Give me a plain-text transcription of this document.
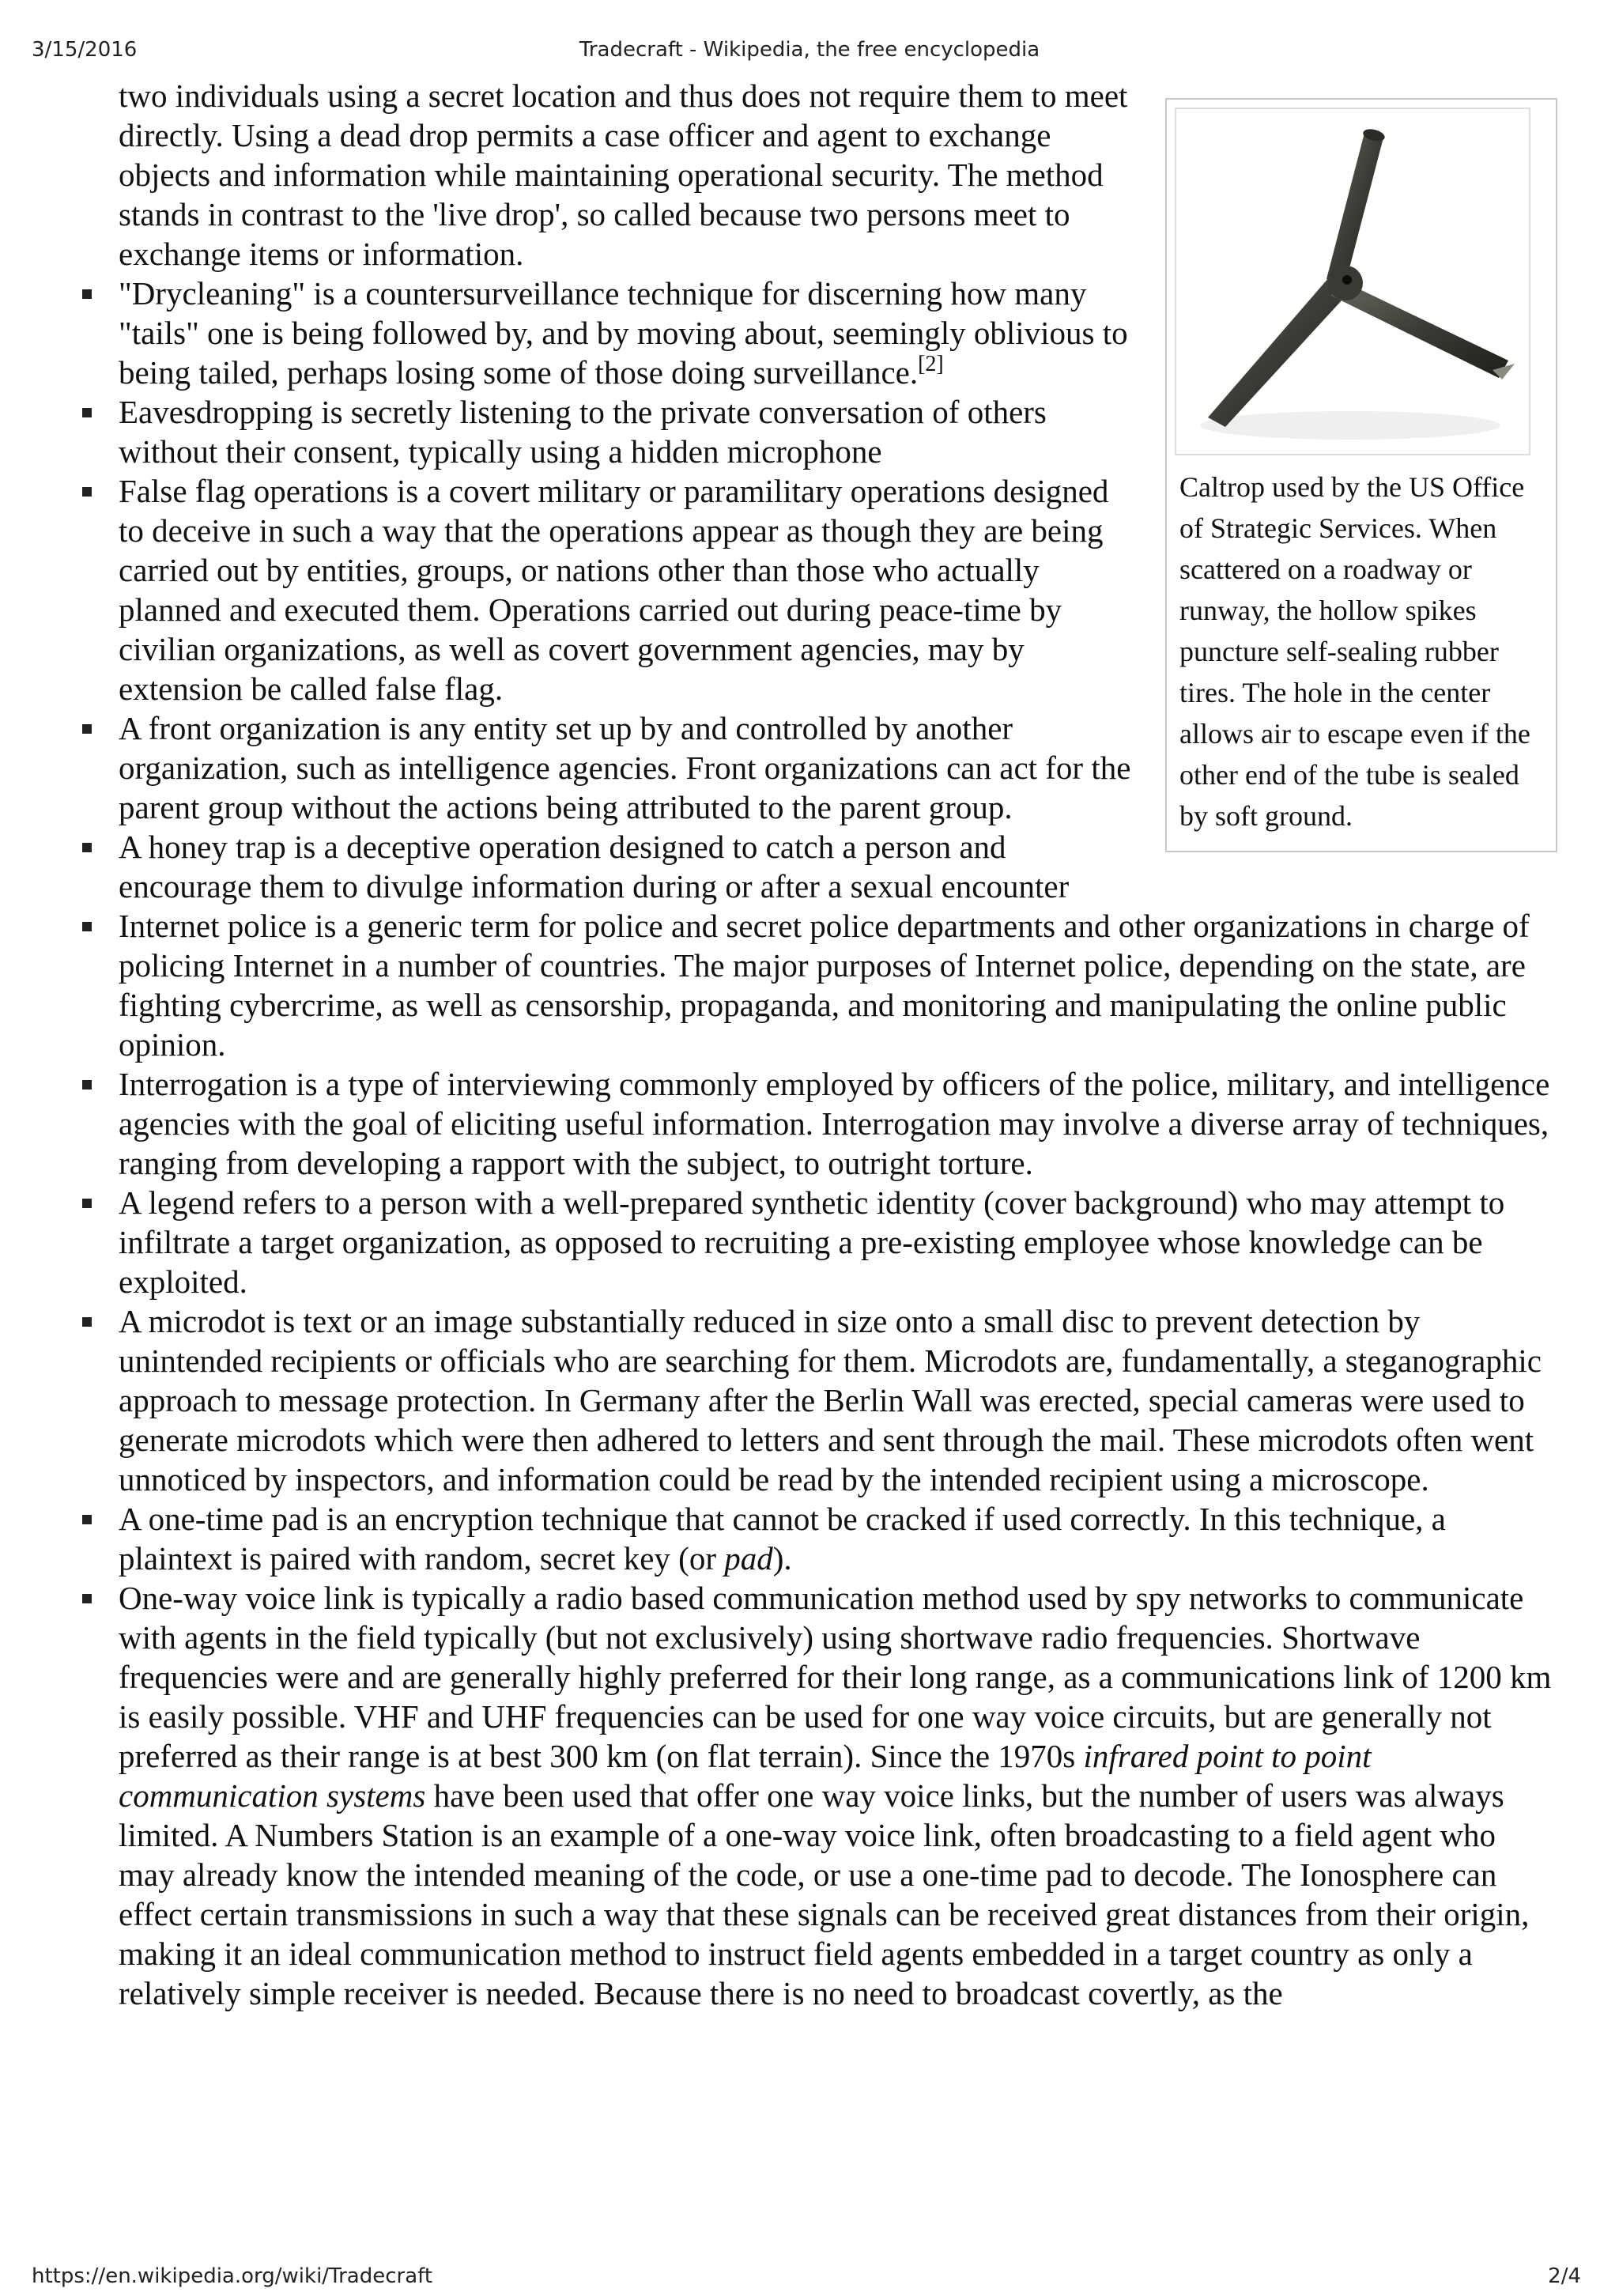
3/15/2016	Tradecraft - Wikipedia, the free encyclopedia
Caltrop used by the US Office of Strategic Services. When scattered on a roadway or runway, the hollow spikes puncture self-sealing rubber tires. The hole in the center allows air to escape even if the other end of the tube is sealed by soft ground.

two individuals using a secret location and thus does not require them to meet directly. Using a dead drop permits a case officer and agent to exchange objects and information while maintaining operational security. The method stands in contrast to the 'live drop', so called because two persons meet to exchange items or information.

"Drycleaning" is a countersurveillance technique for discerning how many "tails" one is being followed by, and by moving about, seemingly oblivious to being tailed, perhaps losing some of those doing surveillance.[2]
Eavesdropping is secretly listening to the private conversation of others without their consent, typically using a hidden microphone
False flag operations is a covert military or paramilitary operations designed to deceive in such a way that the operations appear as though they are being carried out by entities, groups, or nations other than those who actually planned and executed them. Operations carried out during peace-time by civilian organizations, as well as covert government agencies, may by extension be called false flag.
A front organization is any entity set up by and controlled by another organization, such as intelligence agencies. Front organizations can act for the parent group without the actions being attributed to the parent group.
A honey trap is a deceptive operation designed to catch a person and encourage them to divulge information during or after a sexual encounter
Internet police is a generic term for police and secret police departments and other organizations in charge of policing Internet in a number of countries. The major purposes of Internet police, depending on the state, are fighting cybercrime, as well as censorship, propaganda, and monitoring and manipulating the online public opinion.
Interrogation is a type of interviewing commonly employed by officers of the police, military, and intelligence agencies with the goal of eliciting useful information. Interrogation may involve a diverse array of techniques, ranging from developing a rapport with the subject, to outright torture.
A legend refers to a person with a well-prepared synthetic identity (cover background) who may attempt to infiltrate a target organization, as opposed to recruiting a pre-existing employee whose knowledge can be exploited.
A microdot is text or an image substantially reduced in size onto a small disc to prevent detection by unintended recipients or officials who are searching for them. Microdots are, fundamentally, a steganographic approach to message protection. In Germany after the Berlin Wall was erected, special cameras were used to generate microdots which were then adhered to letters and sent through the mail. These microdots often went unnoticed by inspectors, and information could be read by the intended recipient using a microscope.
A one-time pad is an encryption technique that cannot be cracked if used correctly. In this technique, a plaintext is paired with random, secret key (or pad).
One-way voice link is typically a radio based communication method used by spy networks to communicate with agents in the field typically (but not exclusively) using shortwave radio frequencies. Shortwave frequencies were and are generally highly preferred for their long range, as a communications link of 1200 km is easily possible. VHF and UHF frequencies can be used for one way voice circuits, but are generally not preferred as their range is at best 300 km (on flat terrain). Since the 1970s infrared point to point communication systems have been used that offer one way voice links, but the number of users was always limited. A Numbers Station is an example of a one-way voice link, often broadcasting to a field agent who may already know the intended meaning of the code, or use a one-time pad to decode. The Ionosphere can effect certain transmissions in such a way that these signals can be received great distances from their origin, making it an ideal communication method to instruct field agents embedded in a target country as only a relatively simple receiver is needed. Because there is no need to broadcast covertly, as the
https://en.wikipedia.org/wiki/Tradecraft	2/4
